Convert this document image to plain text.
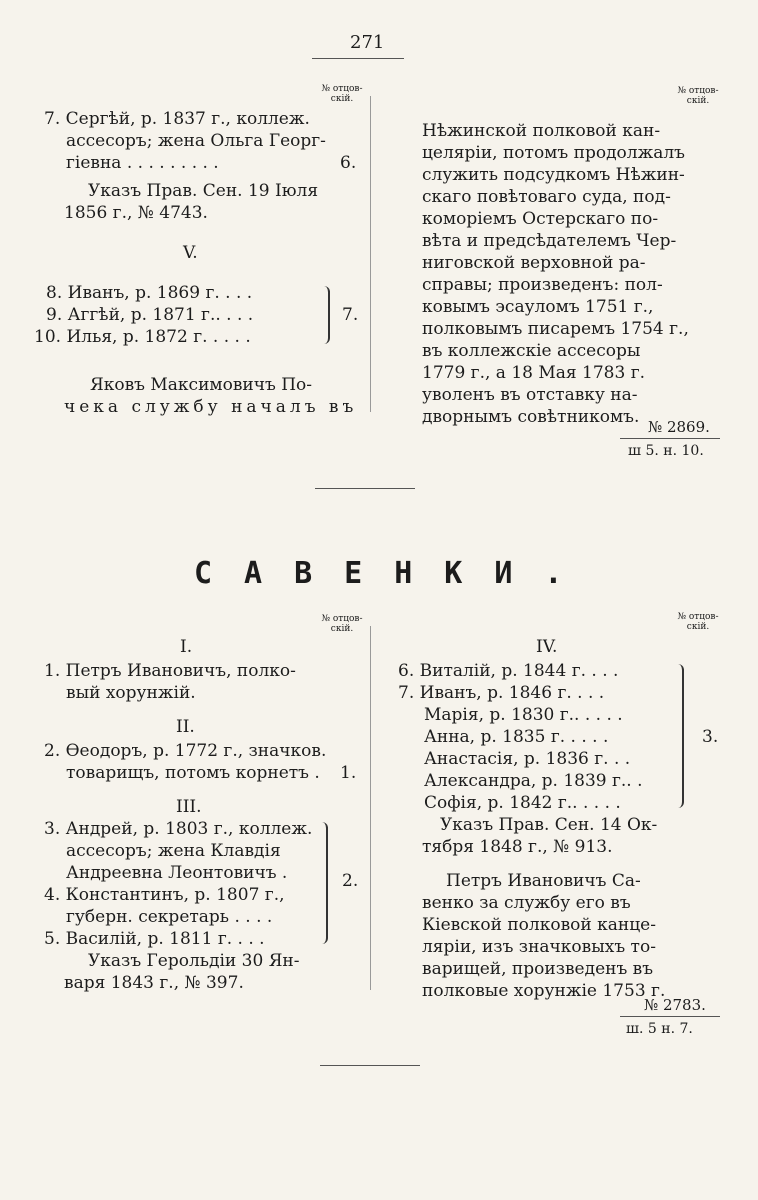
271
№ отцов-
скій.
7. Сергѣй, р. 1837 г., коллеж.
ассесоръ; жена Ольга Георг-
гіевна . . . . . . . . .	6.
Указъ Прав. Сен. 19 Іюля
1856 г., № 4743.
V.
8. Иванъ, р. 1869 г. . . .
9. Аггѣй, р. 1871 г.. . . .
10. Илья, р. 1872 г. . . . .
7.
Яковъ Максимовичъ По-
чека службу началъ въ
№ отцов-
скій.
Нѣжинской полковой кан-
целяріи, потомъ продолжалъ
служить подсудкомъ Нѣжин-
скаго повѣтоваго суда, под-
коморіемъ Остерскаго по-
вѣта и предсѣдателемъ Чер-
ниговской верховной ра-
справы; произведенъ: пол-
ковымъ эсауломъ 1751 г.,
полковымъ писаремъ 1754 г.,
въ коллежскіе ассесоры
1779 г., а 18 Мая 1783 г.
уволенъ въ отставку на-
дворнымъ совѣтникомъ. № 2869.
ш 5. н. 10.
САВЕНКИ.
№ отцов-
скій.
I.
1. Петръ Ивановичъ, полко-
вый хорунжій.
II.
2. Өеодоръ, р. 1772 г., значков.
товарищъ, потомъ корнетъ . 1.
III.
3. Андрей, р. 1803 г., коллеж.
ассесоръ; жена Клавдія
Андреевна Леонтовичъ .
4. Константинъ, р. 1807 г.,
губерн. секретарь . . . .
5. Василій, р. 1811 г. . . .
2.
Указъ Герольдіи 30 Ян-
варя 1843 г., № 397.
№ отцов-
скій.
IV.
6. Виталій, р. 1844 г. . . .
7. Иванъ, р. 1846 г. . . .
Марія, р. 1830 г.. . . . .
Анна, р. 1835 г. . . . .
Анастасія, р. 1836 г. . .
Александра, р. 1839 г.. .
Софія, р. 1842 г.. . . . .
3.
Указъ Прав. Сен. 14 Ок-
тября 1848 г., № 913.
Петръ Ивановичъ Са-
венко за службу его въ
Кіевской полковой канце-
ляріи, изъ значковыхъ то-
варищей, произведенъ въ
полковые хорунжіе 1753 г.
№ 2783.
ш. 5 н. 7.
